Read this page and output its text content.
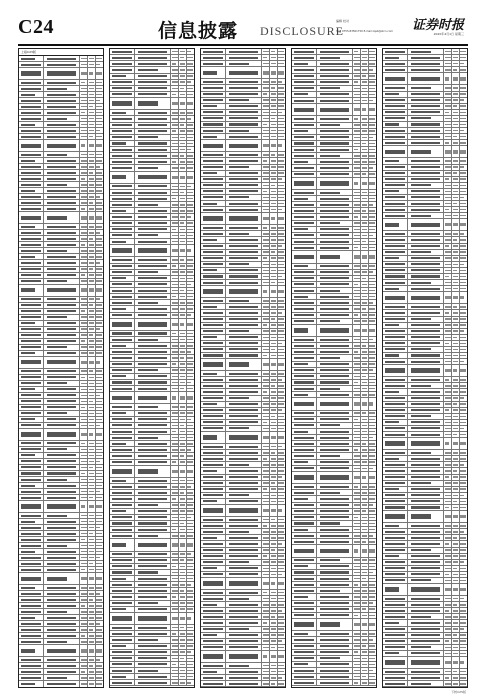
C24	信息披露 DISCLOSURE
编辑 校对
电话 0755-83501750 E-mail zqsb@stcn.com	证券时报
2020年4月1日 星期三
上接C23版
下转C25版
